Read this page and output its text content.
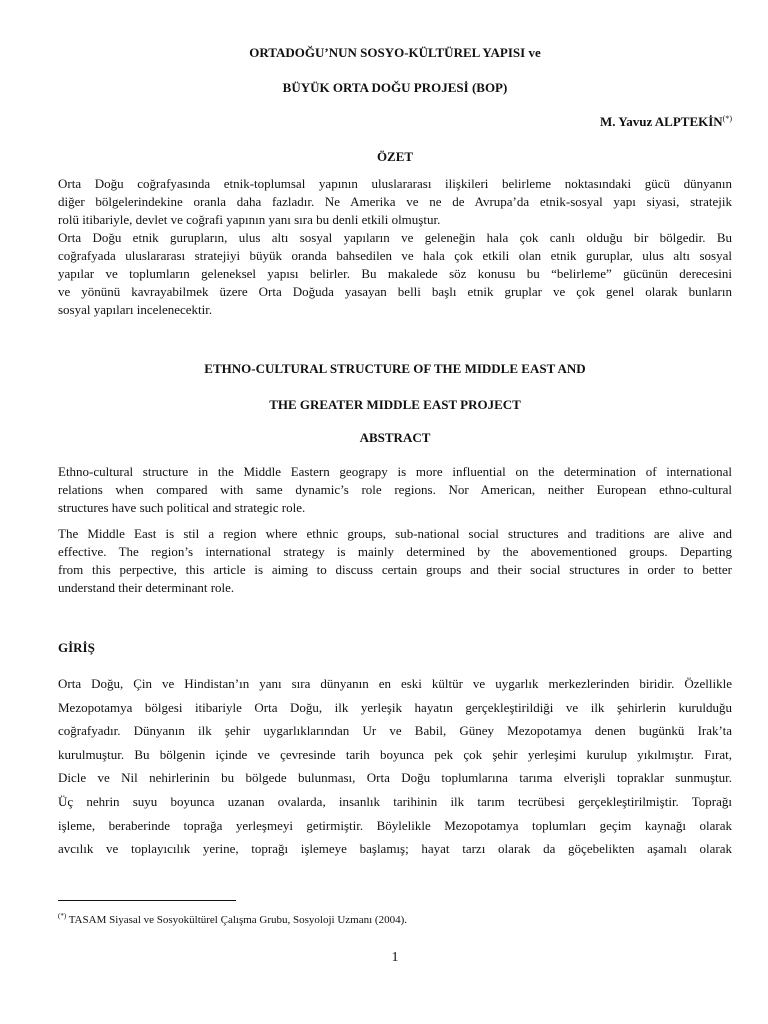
ORTADOĞU’NUN SOSYO-KÜLTÜREL YAPISI ve
BÜYÜK ORTA DOĞU PROJESİ (BOP)
M. Yavuz ALPTEKİN(*)
ÖZET
Orta Doğu coğrafyasında etnik-toplumsal yapının uluslararası ilişkileri belirleme noktasındaki gücü dünyanın
diğer bölgelerindekine oranla daha fazladır. Ne Amerika ve ne de Avrupa’da etnik-sosyal yapı siyasi, stratejik
rolü itibariyle, devlet ve coğrafi yapının yanı sıra bu denli etkili olmuştur.
Orta Doğu etnik gurupların, ulus altı sosyal yapıların ve geleneğin hala çok canlı olduğu bir bölgedir. Bu
coğrafyada uluslararası stratejiyi büyük oranda bahsedilen ve hala çok etkili olan etnik guruplar, ulus altı sosyal
yapılar ve toplumların geleneksel yapısı belirler. Bu makalede söz konusu bu “belirleme” gücünün derecesini
ve yönünü kavrayabilmek üzere Orta Doğuda yasayan belli başlı etnik gruplar ve çok genel olarak bunların
sosyal yapıları incelenecektir.
ETHNO-CULTURAL STRUCTURE OF THE MIDDLE EAST AND
THE GREATER MIDDLE EAST PROJECT
ABSTRACT
Ethno-cultural structure in the Middle Eastern geograpy is more influential on the determination of international
relations when compared with same dynamic’s role regions. Nor American, neither European ethno-cultural
structures have such political and strategic role.
The Middle East is stil a region where ethnic groups, sub-national social structures and traditions are alive and
effective. The region’s international strategy is mainly determined by the abovementioned groups. Departing
from this perpective, this article is aiming to discuss certain groups and their social structures in order to better
understand their determinant role.
GİRİŞ
Orta Doğu, Çin ve Hindistan’ın yanı sıra dünyanın en eski kültür ve uygarlık merkezlerinden biridir. Özellikle
Mezopotamya bölgesi itibariyle Orta Doğu, ilk yerleşik hayatın gerçekleştirildiği ve ilk şehirlerin kurulduğu
coğrafyadır. Dünyanın ilk şehir uygarlıklarından Ur ve Babil, Güney Mezopotamya denen bugünkü Irak’ta
kurulmuştur. Bu bölgenin içinde ve çevresinde tarih boyunca pek çok şehir yerleşimi kurulup yıkılmıştır. Fırat,
Dicle ve Nil nehirlerinin bu bölgede bulunması, Orta Doğu toplumlarına tarıma elverişli topraklar sunmuştur.
Üç nehrin suyu boyunca uzanan ovalarda, insanlık tarihinin ilk tarım tecrübesi gerçekleştirilmiştir. Toprağı
işleme, beraberinde toprağa yerleşmeyi getirmiştir. Böylelikle Mezopotamya toplumları geçim kaynağı olarak
avcılık ve toplayıcılık yerine, toprağı işlemeye başlamış; hayat tarzı olarak da göçebelikten aşamalı olarak
(*) TASAM Siyasal ve Sosyokültürel Çalışma Grubu, Sosyoloji Uzmanı (2004).
1
